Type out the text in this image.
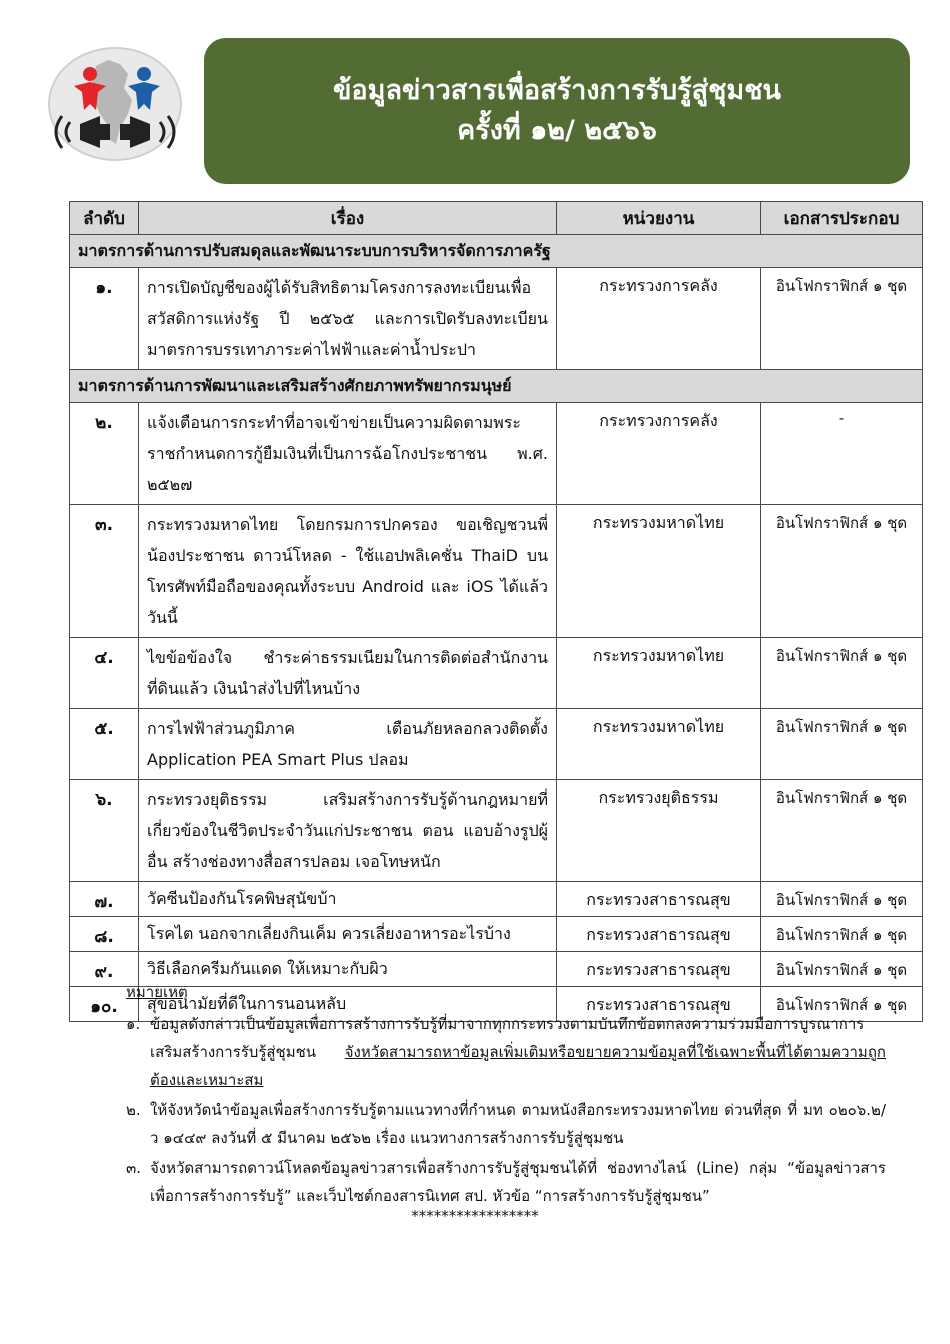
ข้อมูลข่าวสารเพื่อสร้างการรับรู้สู่ชุมชน
ครั้งที่ ๑๒/ ๒๕๖๖
ลำดับ	เรื่อง	หน่วยงาน	เอกสารประกอบ
มาตรการด้านการปรับสมดุลและพัฒนาระบบการบริหารจัดการภาครัฐ			
๑.	การเปิดบัญชีของผู้ได้รับสิทธิตามโครงการลงทะเบียนเพื่อสวัสดิการแห่งรัฐ ปี ๒๕๖๕ และการเปิดรับลงทะเบียนมาตรการบรรเทาภาระค่าไฟฟ้าและค่าน้ำประปา	กระทรวงการคลัง	อินโฟกราฟิกส์ ๑ ชุด
มาตรการด้านการพัฒนาและเสริมสร้างศักยภาพทรัพยากรมนุษย์			
๒.	แจ้งเตือนการกระทำที่อาจเข้าข่ายเป็นความผิดตามพระราชกำหนดการกู้ยืมเงินที่เป็นการฉ้อโกงประชาชน พ.ศ. ๒๕๒๗	กระทรวงการคลัง	-
๓.	กระทรวงมหาดไทย โดยกรมการปกครอง ขอเชิญชวนพี่น้องประชาชน ดาวน์โหลด - ใช้แอปพลิเคชั่น ThaiD บนโทรศัพท์มือถือของคุณทั้งระบบ Android และ iOS ได้แล้ววันนี้	กระทรวงมหาดไทย	อินโฟกราฟิกส์ ๑ ชุด
๔.	ไขข้อข้องใจ ชำระค่าธรรมเนียมในการติดต่อสำนักงานที่ดินแล้ว เงินนำส่งไปที่ไหนบ้าง	กระทรวงมหาดไทย	อินโฟกราฟิกส์ ๑ ชุด
๕.	การไฟฟ้าส่วนภูมิภาค เตือนภัยหลอกลวงติดตั้ง Application PEA Smart Plus ปลอม	กระทรวงมหาดไทย	อินโฟกราฟิกส์ ๑ ชุด
๖.	กระทรวงยุติธรรม เสริมสร้างการรับรู้ด้านกฎหมายที่เกี่ยวข้องในชีวิตประจำวันแก่ประชาชน ตอน แอบอ้างรูปผู้อื่น สร้างช่องทางสื่อสารปลอม เจอโทษหนัก	กระทรวงยุติธรรม	อินโฟกราฟิกส์ ๑ ชุด
๗.	วัคซีนป้องกันโรคพิษสุนัขบ้า	กระทรวงสาธารณสุข	อินโฟกราฟิกส์ ๑ ชุด
๘.	โรคไต นอกจากเลี่ยงกินเค็ม ควรเลี่ยงอาหารอะไรบ้าง	กระทรวงสาธารณสุข	อินโฟกราฟิกส์ ๑ ชุด
๙.	วิธีเลือกครีมกันแดด ให้เหมาะกับผิว	กระทรวงสาธารณสุข	อินโฟกราฟิกส์ ๑ ชุด
๑๐.	สุขอนามัยที่ดีในการนอนหลับ	กระทรวงสาธารณสุข	อินโฟกราฟิกส์ ๑ ชุด
หมายเหตุ
๑. ข้อมูลดังกล่าวเป็นข้อมูลเพื่อการสร้างการรับรู้ที่มาจากทุกกระทรวงตามบันทึกข้อตกลงความร่วมมือการบูรณาการเสริมสร้างการรับรู้สู่ชุมชน จังหวัดสามารถหาข้อมูลเพิ่มเติมหรือขยายความข้อมูลที่ใช้เฉพาะพื้นที่ได้ตามความถูกต้องและเหมาะสม
๒. ให้จังหวัดนำข้อมูลเพื่อสร้างการรับรู้ตามแนวทางที่กำหนด ตามหนังสือกระทรวงมหาดไทย ด่วนที่สุด ที่ มท ๐๒๐๖.๒/ว ๑๔๔๙ ลงวันที่ ๕ มีนาคม ๒๕๖๒ เรื่อง แนวทางการสร้างการรับรู้สู่ชุมชน
๓. จังหวัดสามารถดาวน์โหลดข้อมูลข่าวสารเพื่อสร้างการรับรู้สู่ชุมชนได้ที่ ช่องทางไลน์ (Line) กลุ่ม “ข้อมูลข่าวสารเพื่อการสร้างการรับรู้” และเว็บไซต์กองสารนิเทศ สป. หัวข้อ “การสร้างการรับรู้สู่ชุมชน”
*****************
